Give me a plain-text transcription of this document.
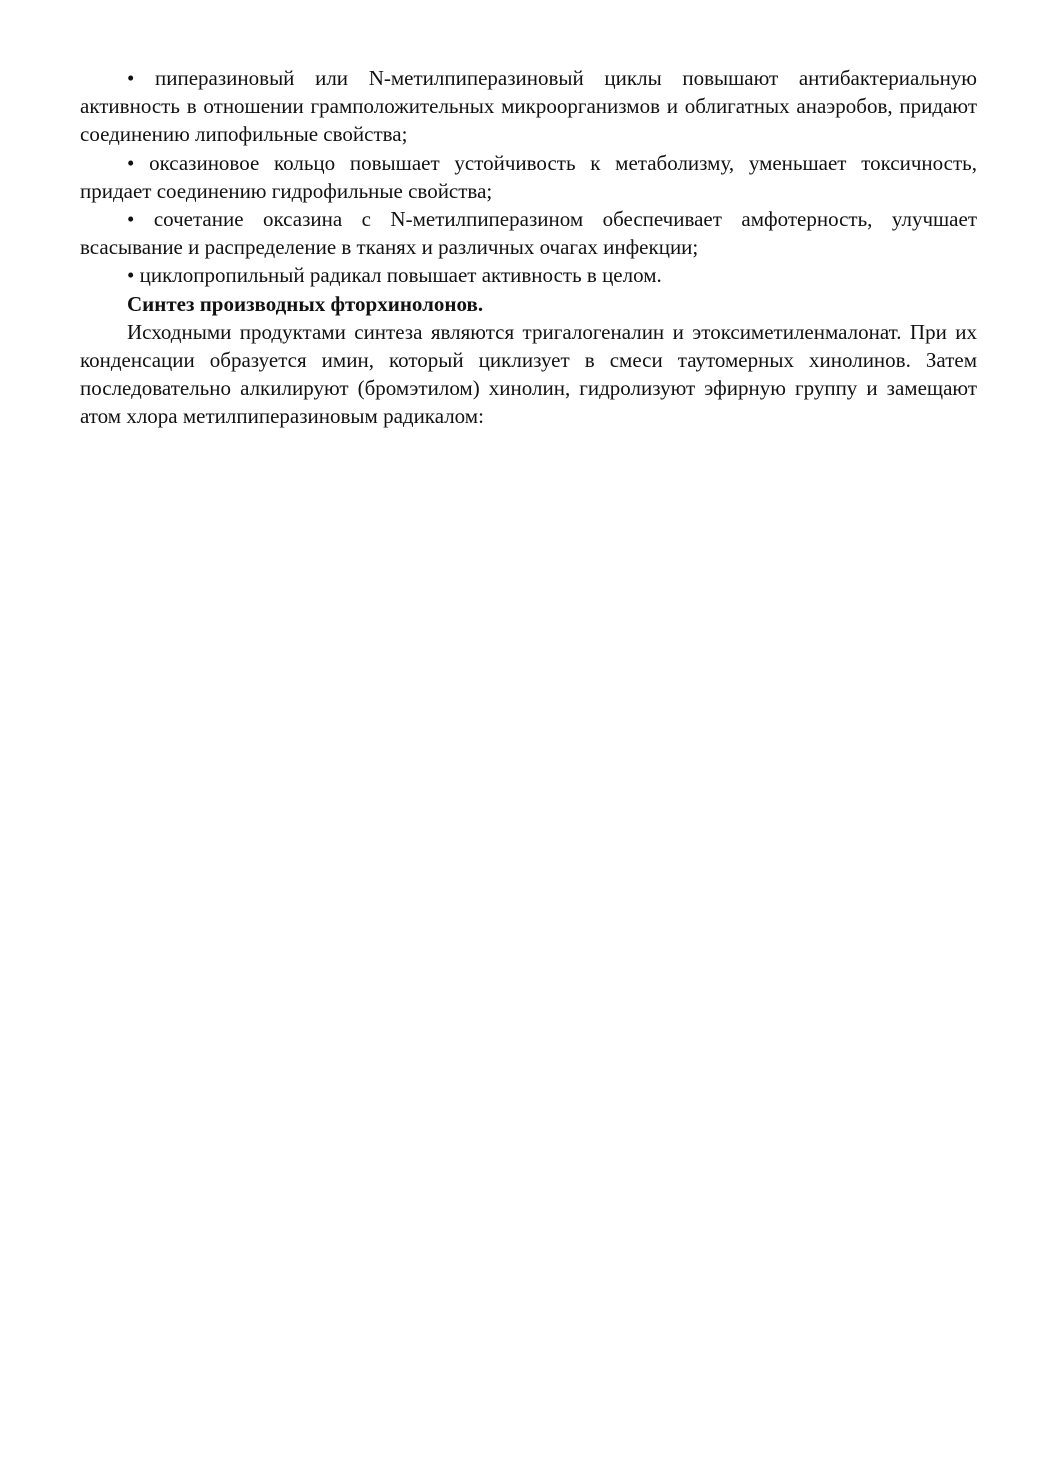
• пиперазиновый или N-метилпиперазиновый циклы повышают антибактериальную активность в отношении грамположительных микроорганизмов и облигатных анаэробов, придают соединению липофильные свойства;

• оксазиновое кольцо повышает устойчивость к метаболизму, уменьшает токсичность, придает соединению гидрофильные свойства;

• сочетание оксазина с N-метилпиперазином обеспечивает амфотерность, улучшает всасывание и распределение в тканях и различных очагах инфекции;

• циклопропильный радикал повышает активность в целом.

Синтез производных фторхинолонов.

Исходными продуктами синтеза являются тригалогеналин и этоксиметиленмалонат. При их конденсации образуется имин, который циклизует в смеси таутомерных хинолинов. Затем последовательно алкилируют (бромэтилом) хинолин, гидролизуют эфирную группу и замещают атом хлора метилпиперазиновым радикалом:
